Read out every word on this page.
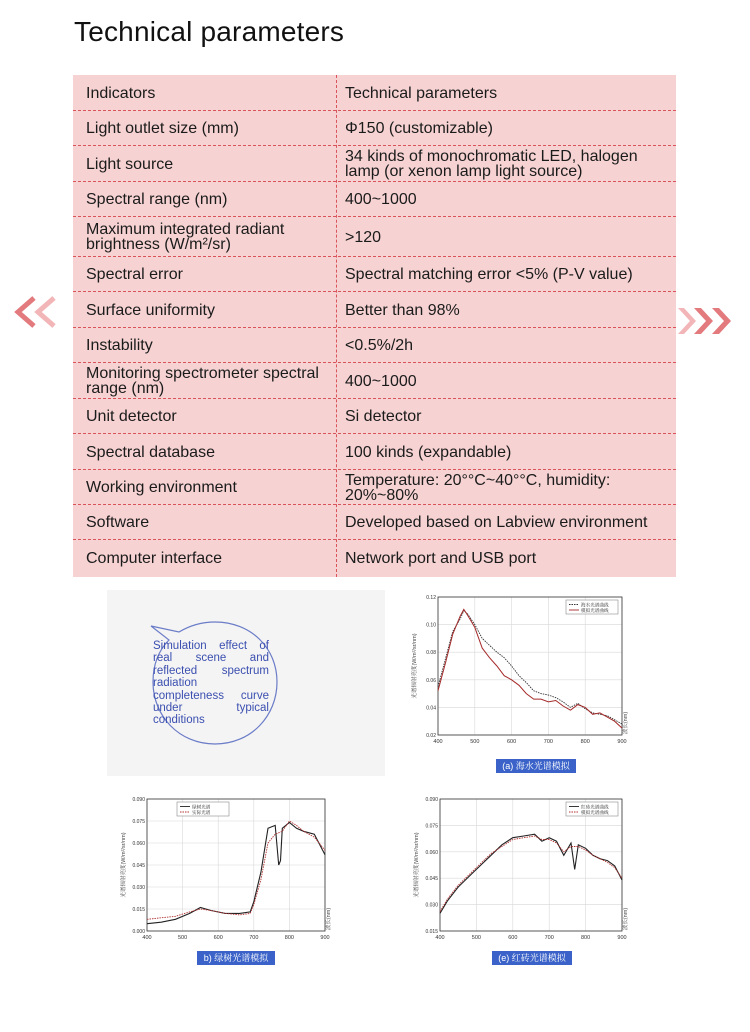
Technical parameters
Indicators	Technical parameters
Light outlet size (mm)	Φ150 (customizable)
Light source	34 kinds of monochromatic LED, halogen lamp (or xenon lamp light source)
Spectral range (nm)	400~1000
Maximum integrated radiant brightness (W/m²/sr)	>120
Spectral error	Spectral matching error <5% (P-V value)
Surface uniformity	Better than 98%
Instability	<0.5%/2h
Monitoring spectrometer spectral range (nm)	400~1000
Unit detector	Si detector
Spectral database	100 kinds (expandable)
Working environment	Temperature: 20°°C~40°°C, humidity: 20%~80%
Software	Developed based on Labview environment
Computer interface	Network port and USB port
Simulation effect of real scene and reflected spectrum radiation completeness curve under typical conditions
400	500	600	700	800	900
0.02
0.04
0.06
0.08
0.10
0.12
光谱辐射亮度(W/m²/sr/nm)
波长(nm)
海水光谱曲线
模拟光谱曲线
(a) 海水光谱模拟
400	500	600	700	800	900
0.000
0.015
0.030
0.045
0.060
0.075
0.090
光谱辐射亮度(W/m²/sr/nm)
波长(nm)
绿树光谱
实际光谱
b) 绿树光谱模拟
400	500	600	700	800	900
0.015
0.030
0.045
0.060
0.075
0.090
光谱辐射亮度(W/m²/sr/nm)
波长(nm)
红砖光谱曲线
模拟光谱曲线
(e) 红砖光谱模拟
